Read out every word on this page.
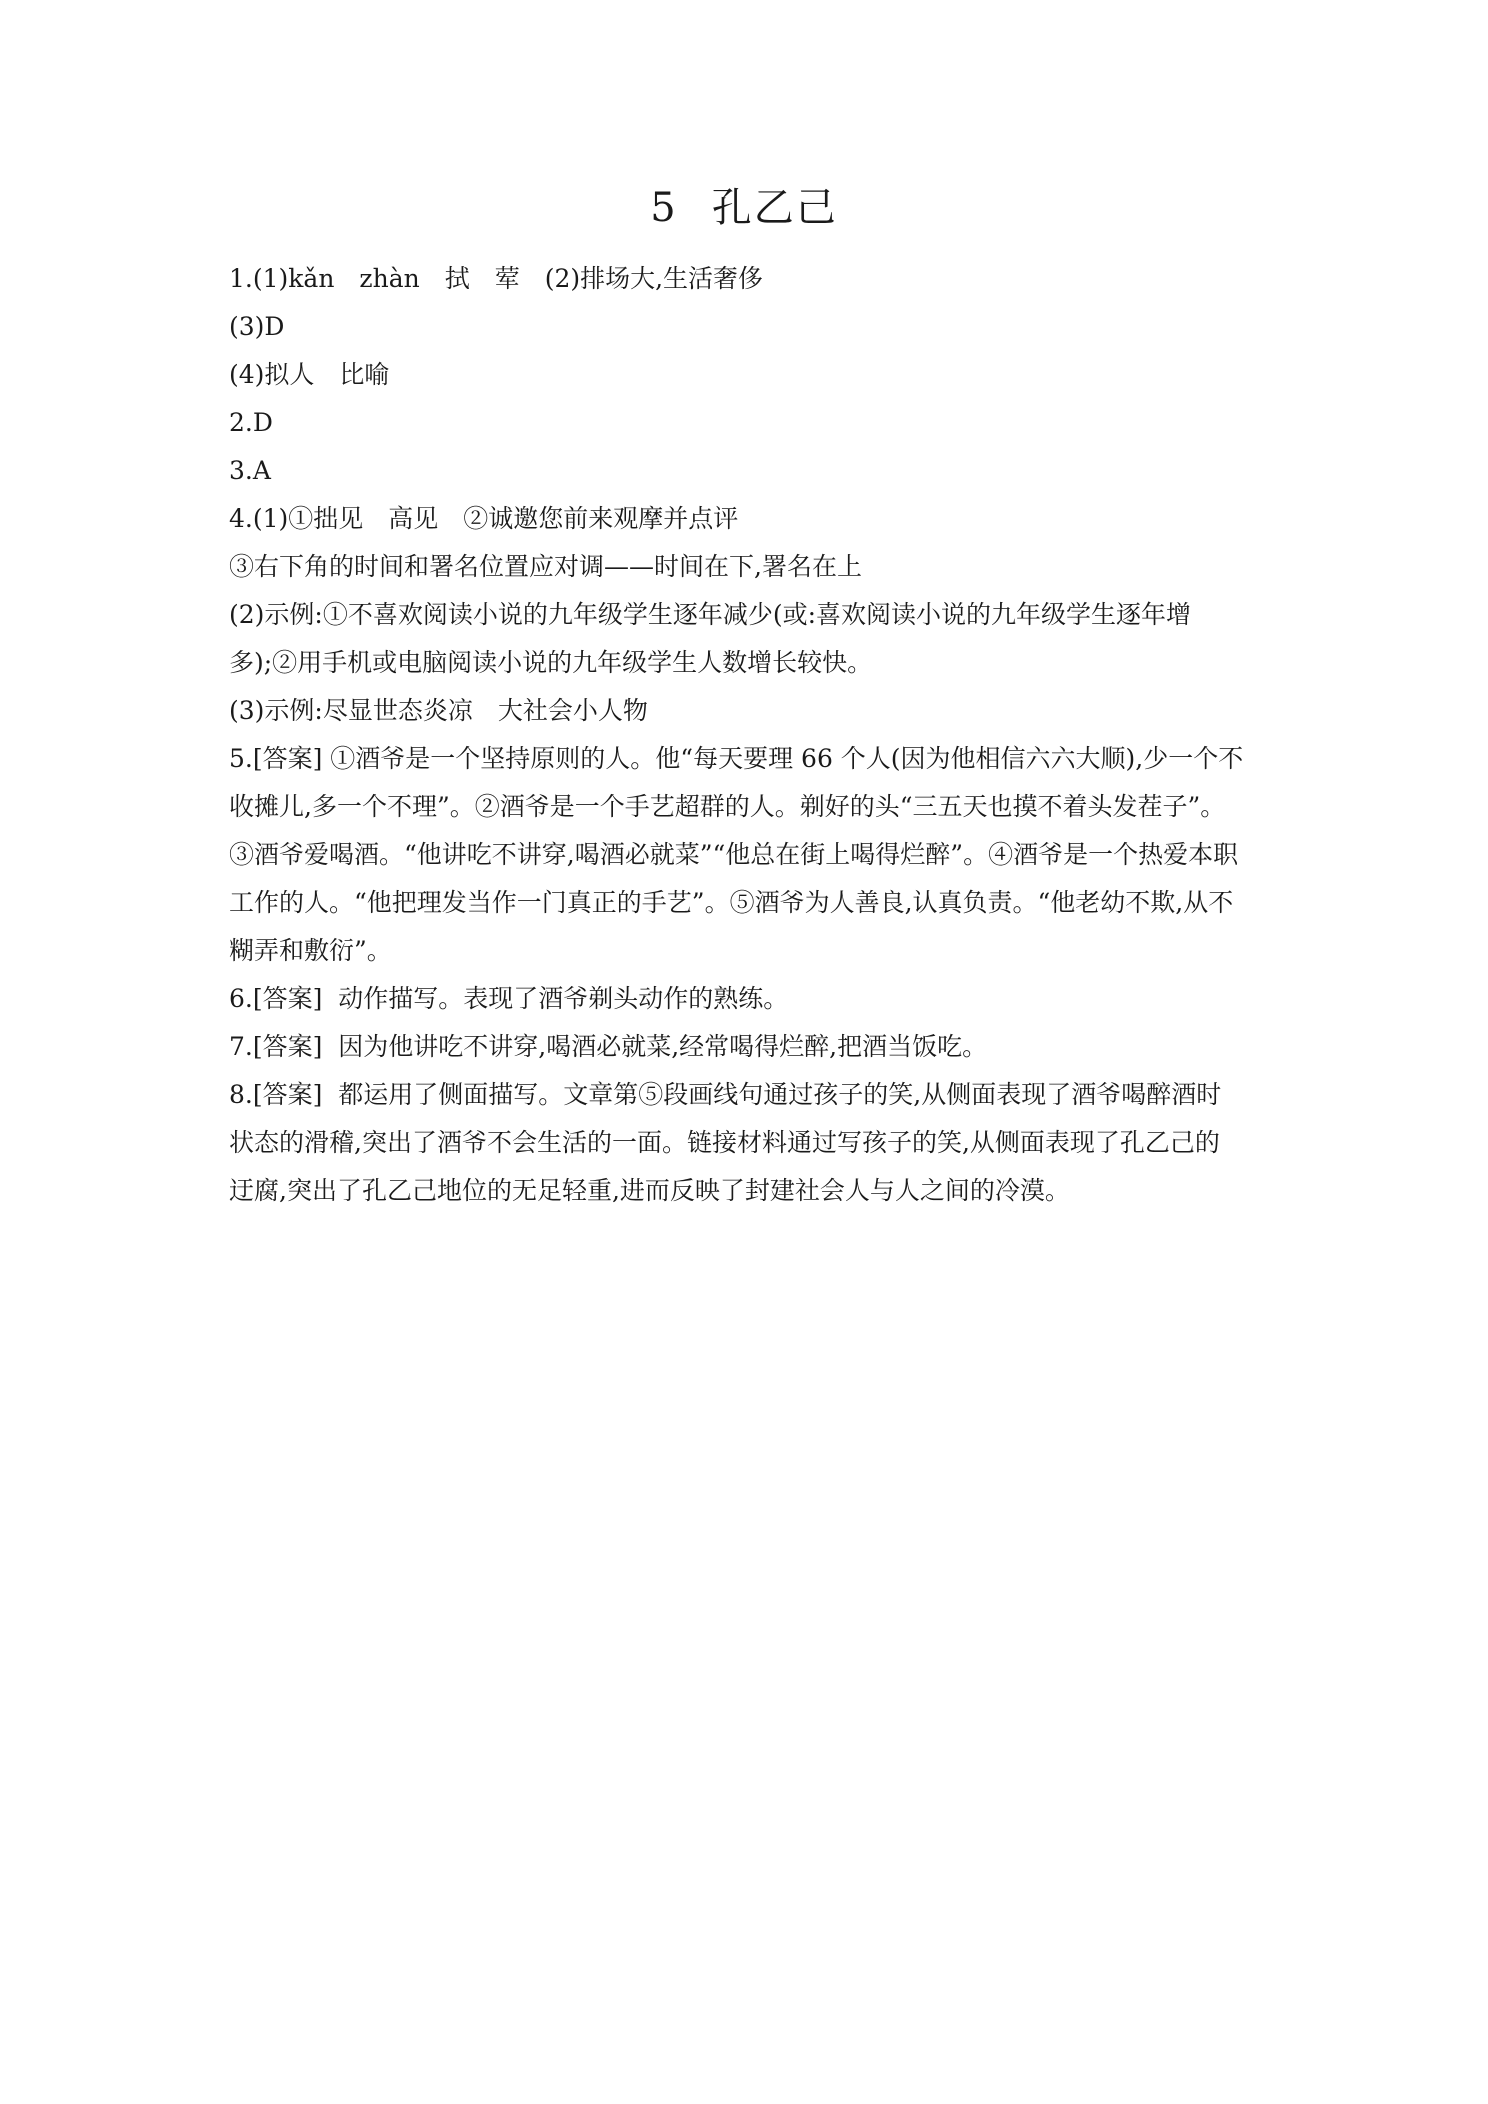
5 孔乙己
1.(1)kǎn　zhàn　拭　荤　(2)排场大,生活奢侈
(3)D
(4)拟人　比喻
2.D
3.A
4.(1)①拙见　高见　②诚邀您前来观摩并点评
③右下角的时间和署名位置应对调——时间在下,署名在上
(2)示例:①不喜欢阅读小说的九年级学生逐年减少(或:喜欢阅读小说的九年级学生逐年增
多);②用手机或电脑阅读小说的九年级学生人数增长较快。
(3)示例:尽显世态炎凉　大社会小人物
5.[答案] ①酒爷是一个坚持原则的人。他“每天要理 66 个人(因为他相信六六大顺),少一个不
收摊儿,多一个不理”。②酒爷是一个手艺超群的人。剃好的头“三五天也摸不着头发茬子”。
③酒爷爱喝酒。“他讲吃不讲穿,喝酒必就菜”“他总在街上喝得烂醉”。④酒爷是一个热爱本职
工作的人。“他把理发当作一门真正的手艺”。⑤酒爷为人善良,认真负责。“他老幼不欺,从不
糊弄和敷衍”。
6.[答案]  动作描写。表现了酒爷剃头动作的熟练。
7.[答案]  因为他讲吃不讲穿,喝酒必就菜,经常喝得烂醉,把酒当饭吃。
8.[答案]  都运用了侧面描写。文章第⑤段画线句通过孩子的笑,从侧面表现了酒爷喝醉酒时
状态的滑稽,突出了酒爷不会生活的一面。链接材料通过写孩子的笑,从侧面表现了孔乙己的
迂腐,突出了孔乙己地位的无足轻重,进而反映了封建社会人与人之间的冷漠。
